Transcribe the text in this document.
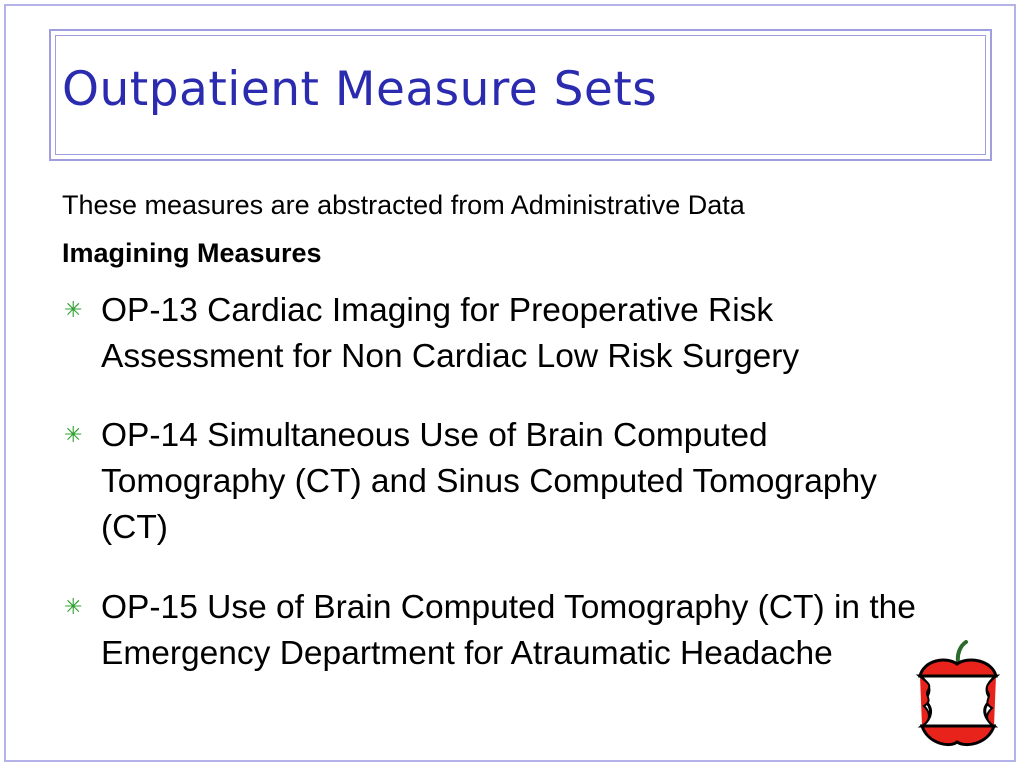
Outpatient Measure Sets
These measures are abstracted from Administrative Data
Imagining Measures
✳ OP-13 Cardiac Imaging for Preoperative Risk Assessment for Non Cardiac Low Risk Surgery
✳ OP-14 Simultaneous Use of Brain Computed Tomography (CT) and Sinus Computed Tomography (CT)
✳ OP-15 Use of Brain Computed Tomography (CT) in the Emergency Department for Atraumatic Headache
